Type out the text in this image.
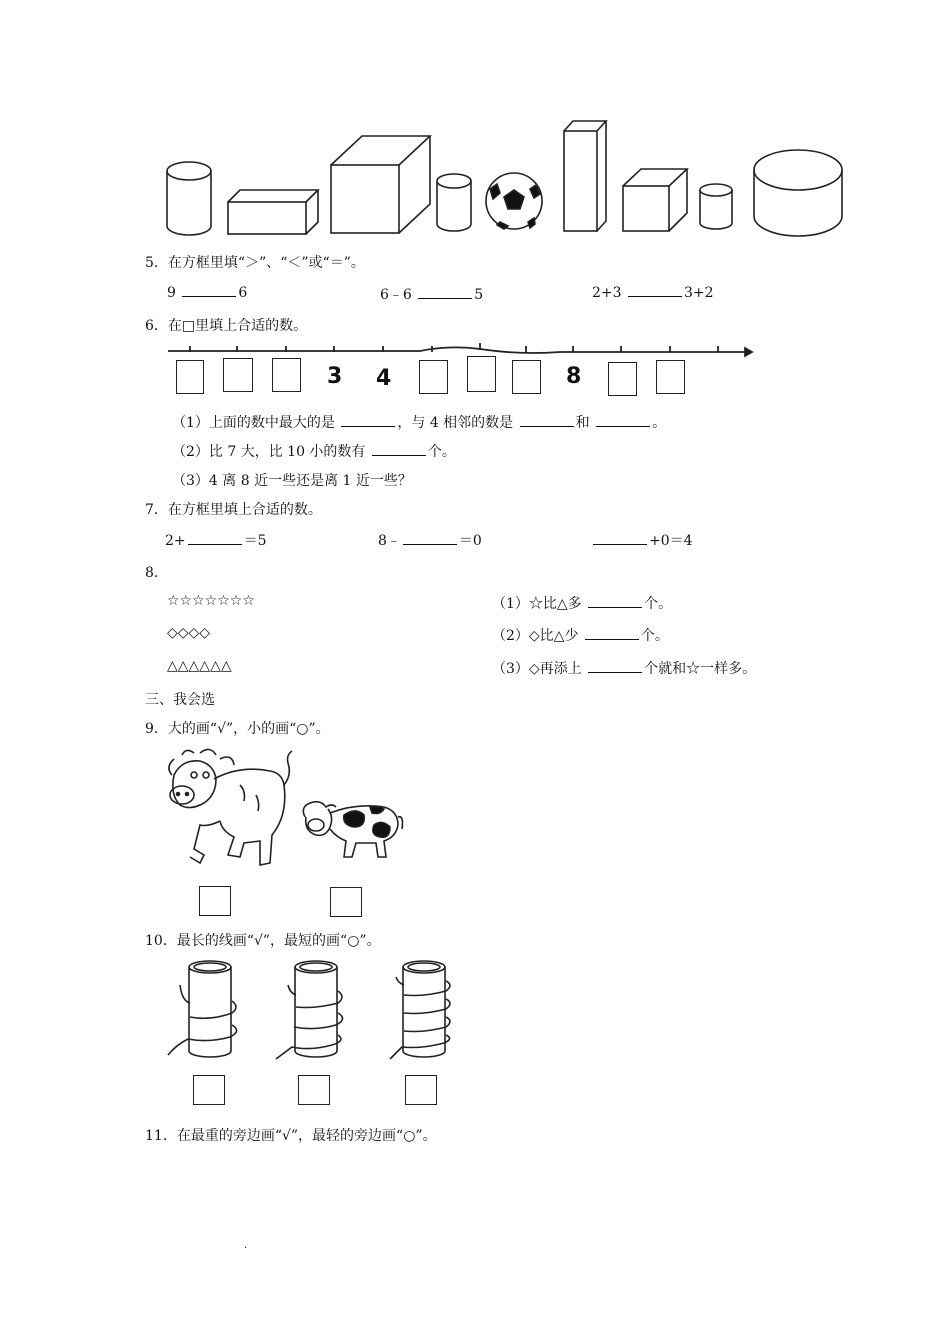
5．在方框里填“＞”、“＜”或“＝”。
9	6	6﹣6	5	2+3	3+2
6．在□里填上合适的数。
3 4	8
（1）上面的数中最大的是	，与 4 相邻的数是	和	。
（2）比 7 大，比 10 小的数有	个。
（3）4 离 8 近一些还是离 1 近一些？
7．在方框里填上合适的数。
2+	＝5	8﹣	＝0	+0＝4
8．
☆☆☆☆☆☆☆
◇◇◇◇
△△△△△△
（1）☆比△多	个。
（2）◇比△少	个。
（3）◇再添上	个就和☆一样多。
三、我会选
9．大的画“√”，小的画“○”。
10．最长的线画“√”，最短的画“○”。
11．在最重的旁边画“√”，最轻的旁边画“○”。
.
